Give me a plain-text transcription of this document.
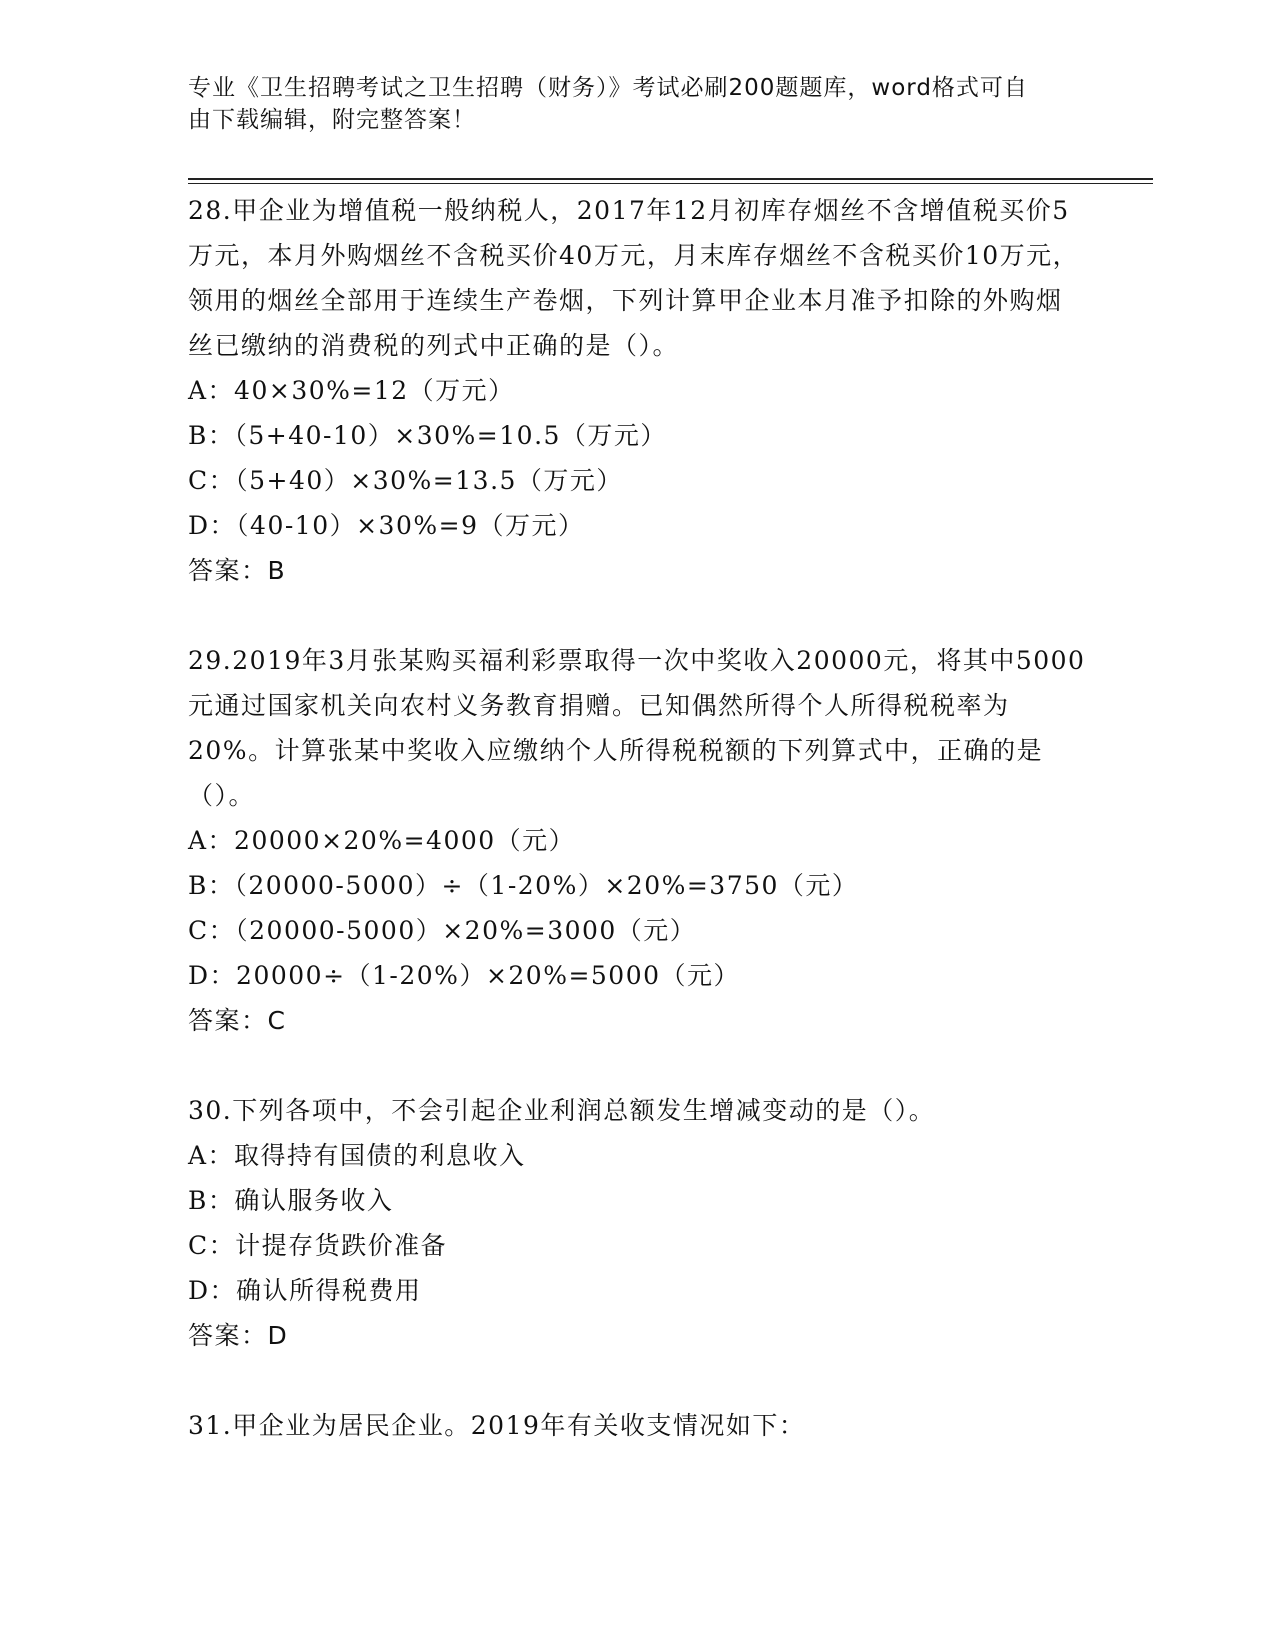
专业《卫生招聘考试之卫生招聘（财务）》考试必刷200题题库，word格式可自
由下载编辑，附完整答案！
28.甲企业为增值税一般纳税人，2017年12月初库存烟丝不含增值税买价5万元，本月外购烟丝不含税买价40万元，月末库存烟丝不含税买价10万元，领用的烟丝全部用于连续生产卷烟，下列计算甲企业本月准予扣除的外购烟丝已缴纳的消费税的列式中正确的是（）。
A：40×30%=12（万元）
B：（5+40-10）×30%=10.5（万元）
C：（5+40）×30%=13.5（万元）
D：（40-10）×30%=9（万元）
答案：B
29.2019年3月张某购买福利彩票取得一次中奖收入20000元，将其中5000元通过国家机关向农村义务教育捐赠。已知偶然所得个人所得税税率为20%。计算张某中奖收入应缴纳个人所得税税额的下列算式中，正确的是（）。
A：20000×20%=4000（元）
B：（20000-5000）÷（1-20%）×20%=3750（元）
C：（20000-5000）×20%=3000（元）
D：20000÷（1-20%）×20%=5000（元）
答案：C
30.下列各项中，不会引起企业利润总额发生增减变动的是（）。
A：取得持有国债的利息收入
B：确认服务收入
C：计提存货跌价准备
D：确认所得税费用
答案：D
31.甲企业为居民企业。2019年有关收支情况如下：
